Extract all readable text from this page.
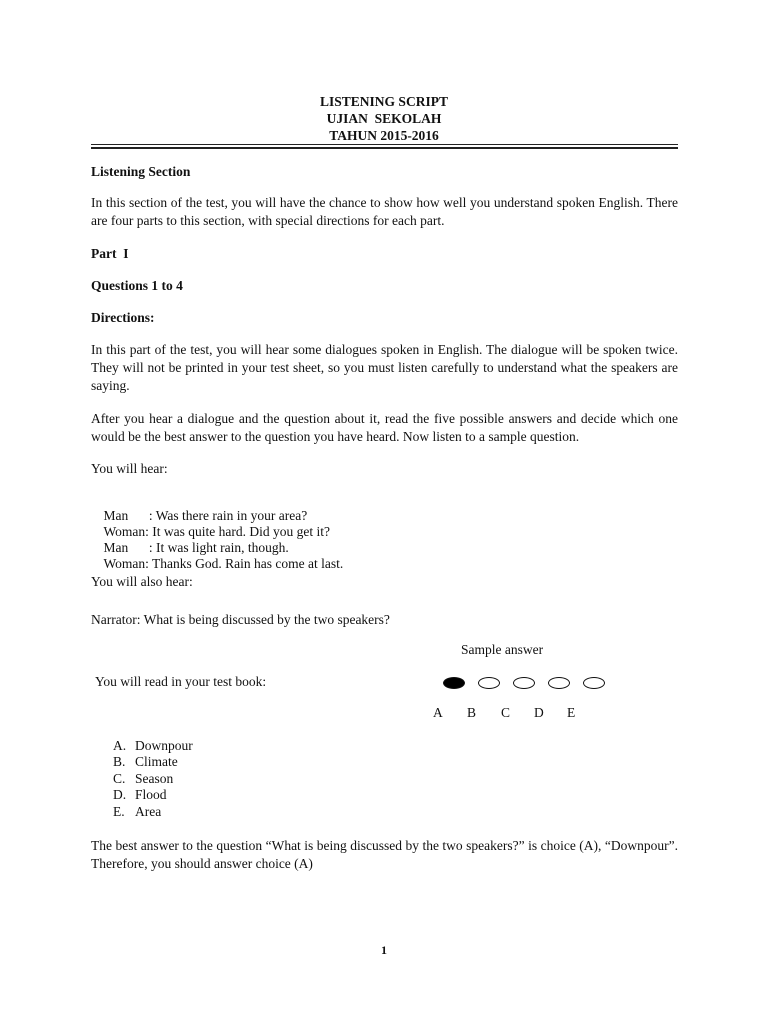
LISTENING SCRIPT
UJIAN  SEKOLAH
TAHUN 2015-2016
Listening Section
In this section of the test, you will have the chance to show how well you understand spoken English. There are four parts to this section, with special directions for each part.
Part  I
Questions 1 to 4
Directions:
In this part of the test, you will hear some dialogues spoken in English. The dialogue will be spoken twice. They will not be printed in your test sheet, so you must listen carefully to understand what the speakers are saying.
After you hear a dialogue and the question about it, read the five possible answers and decide which one would be the best answer to the question you have heard. Now listen to a sample question.
You will hear:

Man : Was there rain in your area?

Woman: It was quite hard. Did you get it?

Man : It was light rain, though.

Woman: Thanks God. Rain has come at last.

You will also hear:
Narrator: What is being discussed by the two speakers?
Sample answer
You will read in your test book:
A B C D E
A. Downpour
B. Climate
C. Season
D. Flood
E. Area
The best answer to the question “What is being discussed by the two speakers?” is choice (A), “Downpour”. Therefore, you should answer choice (A)
1
